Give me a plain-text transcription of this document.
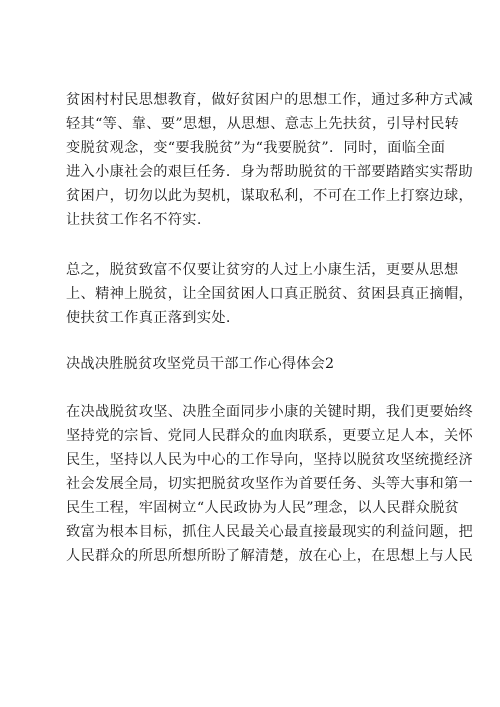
贫困村村民思想教育，做好贫困户的思想工作，通过多种方式减
轻其“等、靠、要”思想，从思想、意志上先扶贫，引导村民转
变脱贫观念，变“要我脱贫”为“我要脱贫”．同时，面临全面
进入小康社会的艰巨任务．身为帮助脱贫的干部要踏踏实实帮助
贫困户，切勿以此为契机，谋取私利，不可在工作上打察边球，
让扶贫工作名不符实.
总之，脱贫致富不仅要让贫穷的人过上小康生活，更要从思想
上、精神上脱贫，让全国贫困人口真正脱贫、贫困县真正摘帽，
使扶贫工作真正落到实处.
决战决胜脱贫攻坚党员干部工作心得体会2
在决战脱贫攻坚、决胜全面同步小康的关键时期，我们更要始终
坚持党的宗旨、党同人民群众的血肉联系，更要立足人本，关怀
民生，坚持以人民为中心的工作导向，坚持以脱贫攻坚统揽经济
社会发展全局，切实把脱贫攻坚作为首要任务、头等大事和第一
民生工程，牢固树立“人民政协为人民”理念，以人民群众脱贫
致富为根本目标，抓住人民最关心最直接最现实的利益问题，把
人民群众的所思所想所盼了解清楚，放在心上，在思想上与人民
